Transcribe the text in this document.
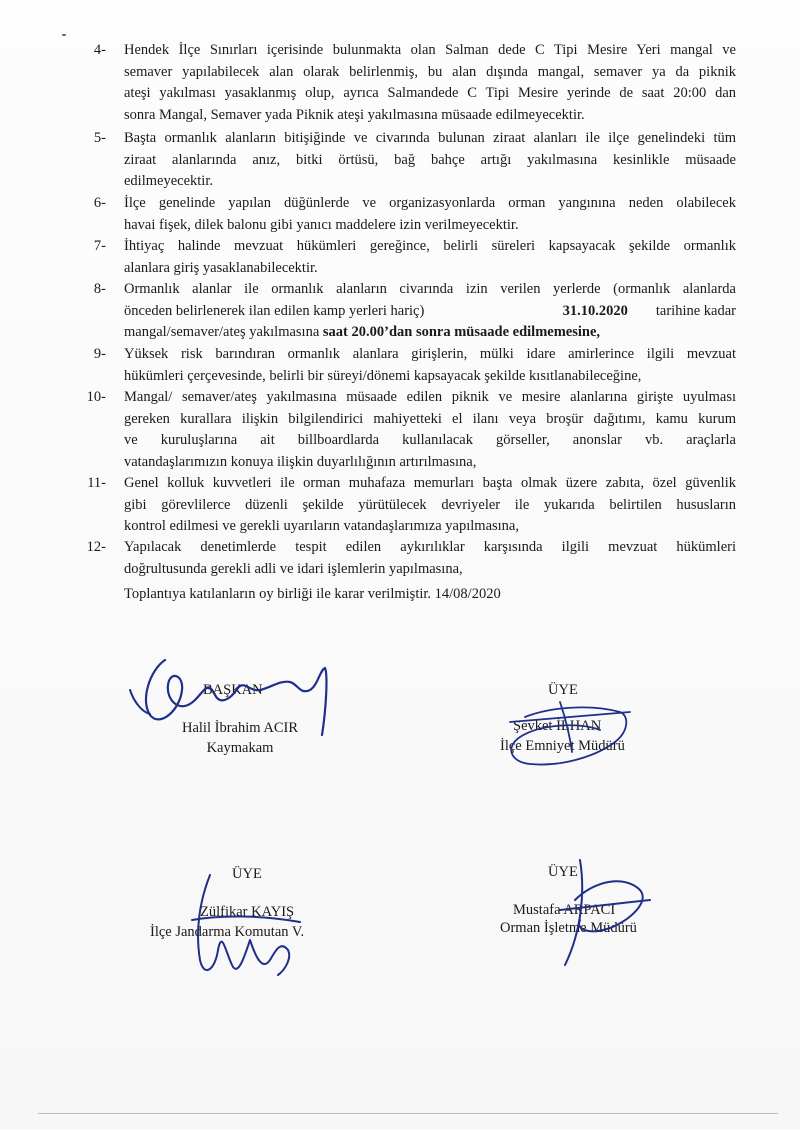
4- Hendek İlçe Sınırları içerisinde bulunmakta olan Salman dede C Tipi Mesire Yeri mangal ve
semaver yapılabilecek alan olarak belirlenmiş, bu alan dışında mangal, semaver ya da piknik
ateşi yakılması yasaklanmış olup, ayrıca Salmandede C Tipi Mesire yerinde de saat 20:00 dan
sonra Mangal, Semaver yada Piknik ateşi yakılmasına müsaade edilmeyecektir.
5- Başta ormanlık alanların bitişiğinde ve civarında bulunan ziraat alanları ile ilçe genelindeki tüm
ziraat alanlarında anız, bitki örtüsü, bağ bahçe artığı yakılmasına kesinlikle müsaade
edilmeyecektir.
6- İlçe genelinde yapılan düğünlerde ve organizasyonlarda orman yangınına neden olabilecek
havai fişek, dilek balonu gibi yanıcı maddelere izin verilmeyecektir.
7- İhtiyaç halinde mevzuat hükümleri gereğince, belirli süreleri kapsayacak şekilde ormanlık
alanlara giriş yasaklanabilecektir.
8- Ormanlık alanlar ile ormanlık alanların civarında izin verilen yerlerde (ormanlık alanlarda
önceden belirlenerek ilan edilen kamp yerleri hariç)	31.10.2020 tarihine kadar
mangal/semaver/ateş yakılmasına saat 20.00’dan sonra müsaade edilmemesine,
9- Yüksek risk barındıran ormanlık alanlara girişlerin, mülki idare amirlerince ilgili mevzuat
hükümleri çerçevesinde, belirli bir süreyi/dönemi kapsayacak şekilde kısıtlanabileceğine,
10- Mangal/ semaver/ateş yakılmasına müsaade edilen piknik ve mesire alanlarına girişte uyulması
gereken kurallara ilişkin bilgilendirici mahiyetteki el ilanı veya broşür dağıtımı, kamu kurum
ve kuruluşlarına ait billboardlarda kullanılacak görseller, anonslar vb. araçlarla
vatandaşlarımızın konuya ilişkin duyarlılığının artırılmasına,
11- Genel kolluk kuvvetleri ile orman muhafaza memurları başta olmak üzere zabıta, özel güvenlik
gibi görevlilerce düzenli şekilde yürütülecek devriyeler ile yukarıda belirtilen hususların
kontrol edilmesi ve gerekli uyarıların vatandaşlarımıza yapılmasına,
12- Yapılacak denetimlerde tespit edilen aykırılıklar karşısında ilgili mevzuat hükümleri
doğrultusunda gerekli adli ve idari işlemlerin yapılmasına,
Toplantıya katılanların oy birliği ile karar verilmiştir. 14/08/2020
BAŞKAN
Halil İbrahim ACIR
Kaymakam
ÜYE
Şevket İLHAN
İlçe Emniyet Müdürü
ÜYE
Zülfikar KAYIŞ
İlçe Jandarma Komutan V.
ÜYE
Mustafa ARPACI
Orman İşletme Müdürü
